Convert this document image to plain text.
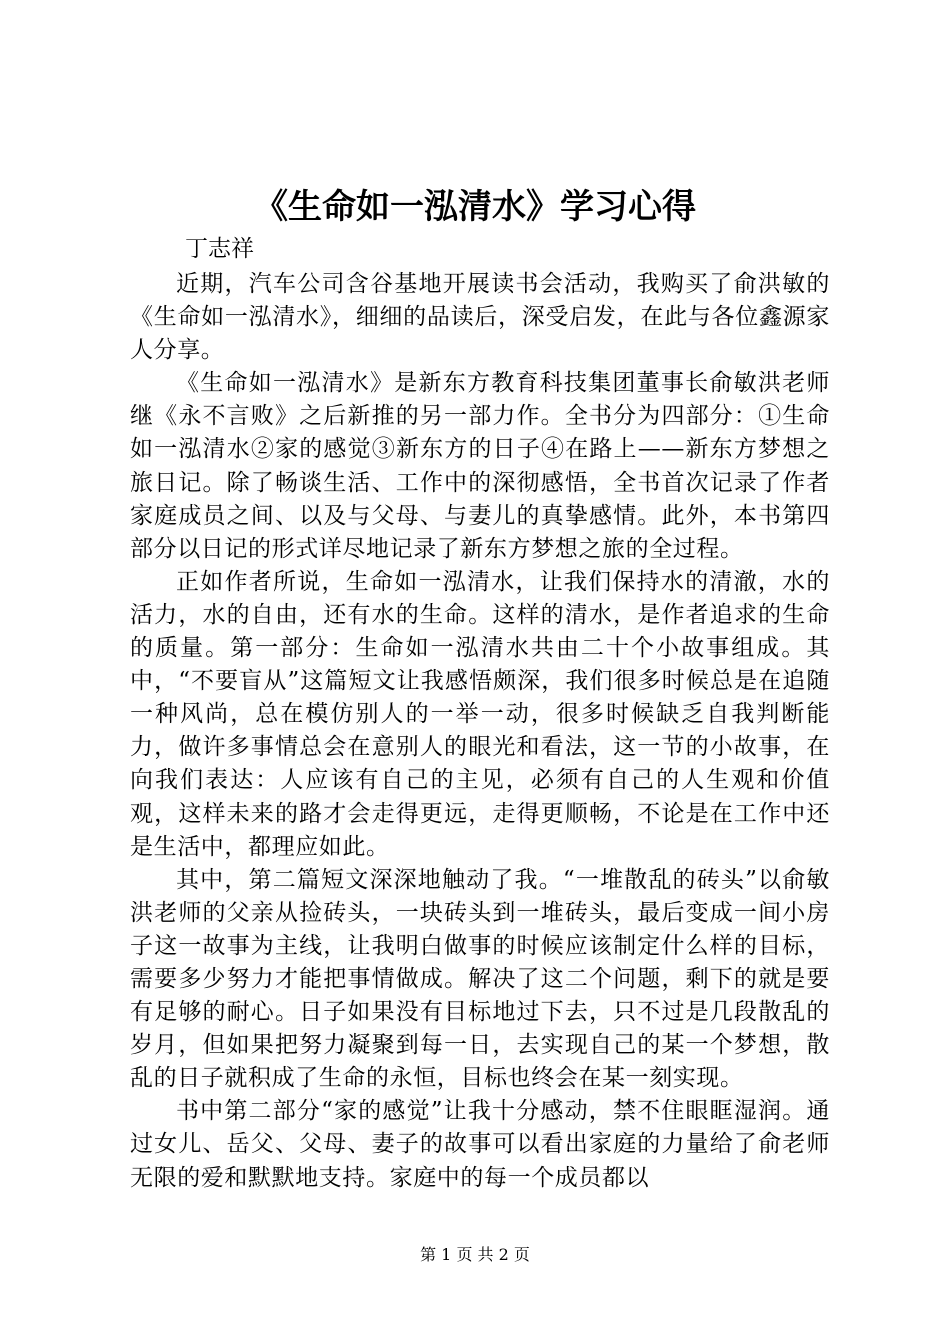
《生命如一泓清水》学习心得
丁志祥

近期，汽车公司含谷基地开展读书会活动，我购买了俞洪敏的《生命如一泓清水》，细细的品读后，深受启发，在此与各位鑫源家人分享。

《生命如一泓清水》是新东方教育科技集团董事长俞敏洪老师继《永不言败》之后新推的另一部力作。全书分为四部分：①生命如一泓清水②家的感觉③新东方的日子④在路上——新东方梦想之旅日记。除了畅谈生活、工作中的深彻感悟，全书首次记录了作者家庭成员之间、以及与父母、与妻儿的真挚感情。此外，本书第四部分以日记的形式详尽地记录了新东方梦想之旅的全过程。

正如作者所说，生命如一泓清水，让我们保持水的清澈，水的活力，水的自由，还有水的生命。这样的清水，是作者追求的生命的质量。第一部分：生命如一泓清水共由二十个小故事组成。其中，“不要盲从”这篇短文让我感悟颇深，我们很多时候总是在追随一种风尚，总在模仿别人的一举一动，很多时候缺乏自我判断能力，做许多事情总会在意别人的眼光和看法，这一节的小故事，在向我们表达：人应该有自己的主见，必须有自己的人生观和价值观，这样未来的路才会走得更远，走得更顺畅，不论是在工作中还是生活中，都理应如此。

其中，第二篇短文深深地触动了我。“一堆散乱的砖头”以俞敏洪老师的父亲从捡砖头，一块砖头到一堆砖头，最后变成一间小房子这一故事为主线，让我明白做事的时候应该制定什么样的目标，需要多少努力才能把事情做成。解决了这二个问题，剩下的就是要有足够的耐心。日子如果没有目标地过下去，只不过是几段散乱的岁月，但如果把努力凝聚到每一日，去实现自己的某一个梦想，散乱的日子就积成了生命的永恒，目标也终会在某一刻实现。

书中第二部分“家的感觉”让我十分感动，禁不住眼眶湿润。通过女儿、岳父、父母、妻子的故事可以看出家庭的力量给了俞老师无限的爱和默默地支持。家庭中的每一个成员都以

第 1 页 共 2 页
